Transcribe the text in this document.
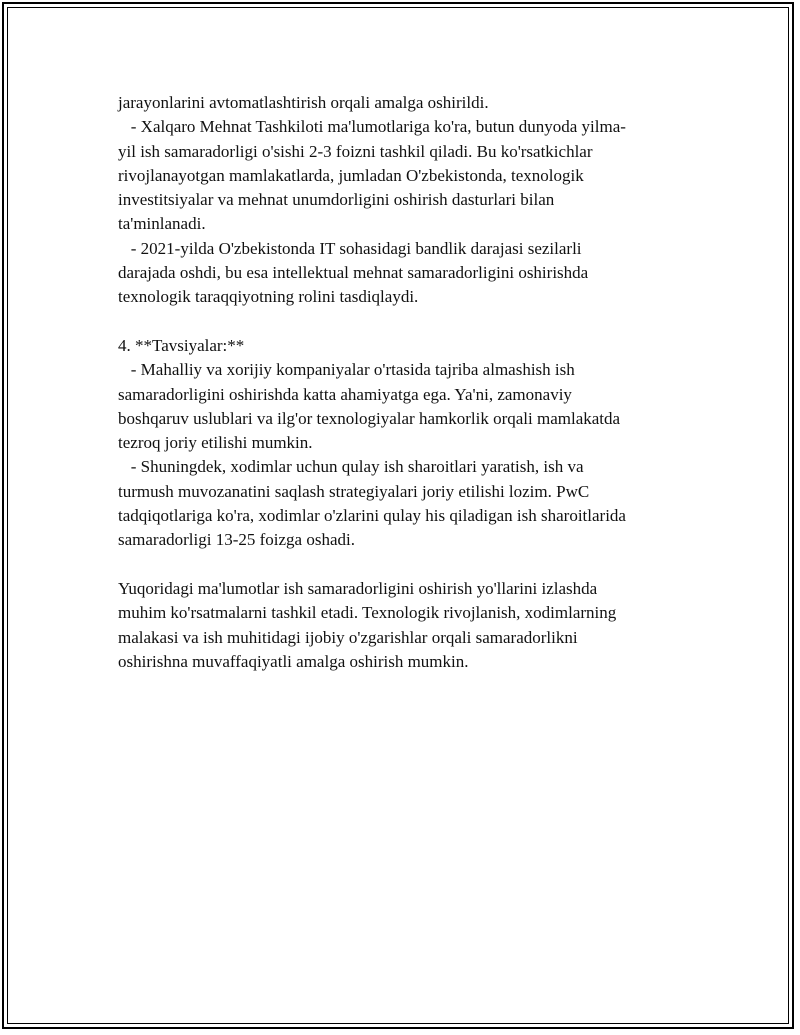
jarayonlarini avtomatlashtirish orqali amalga oshirildi.
- Xalqaro Mehnat Tashkiloti ma'lumotlariga ko'ra, butun dunyoda yilma-
yil ish samaradorligi o'sishi 2-3 foizni tashkil qiladi. Bu ko'rsatkichlar
rivojlanayotgan mamlakatlarda, jumladan O'zbekistonda, texnologik
investitsiyalar va mehnat unumdorligini oshirish dasturlari bilan
ta'minlanadi.
- 2021-yilda O'zbekistonda IT sohasidagi bandlik darajasi sezilarli
darajada oshdi, bu esa intellektual mehnat samaradorligini oshirishda
texnologik taraqqiyotning rolini tasdiqlaydi.
4. **Tavsiyalar:**
- Mahalliy va xorijiy kompaniyalar o'rtasida tajriba almashish ish
samaradorligini oshirishda katta ahamiyatga ega. Ya'ni, zamonaviy
boshqaruv uslublari va ilg'or texnologiyalar hamkorlik orqali mamlakatda
tezroq joriy etilishi mumkin.
- Shuningdek, xodimlar uchun qulay ish sharoitlari yaratish, ish va
turmush muvozanatini saqlash strategiyalari joriy etilishi lozim. PwC
tadqiqotlariga ko'ra, xodimlar o'zlarini qulay his qiladigan ish sharoitlarida
samaradorligi 13-25 foizga oshadi.
Yuqoridagi ma'lumotlar ish samaradorligini oshirish yo'llarini izlashda
muhim ko'rsatmalarni tashkil etadi. Texnologik rivojlanish, xodimlarning
malakasi va ish muhitidagi ijobiy o'zgarishlar orqali samaradorlikni
oshirishna muvaffaqiyatli amalga oshirish mumkin.
